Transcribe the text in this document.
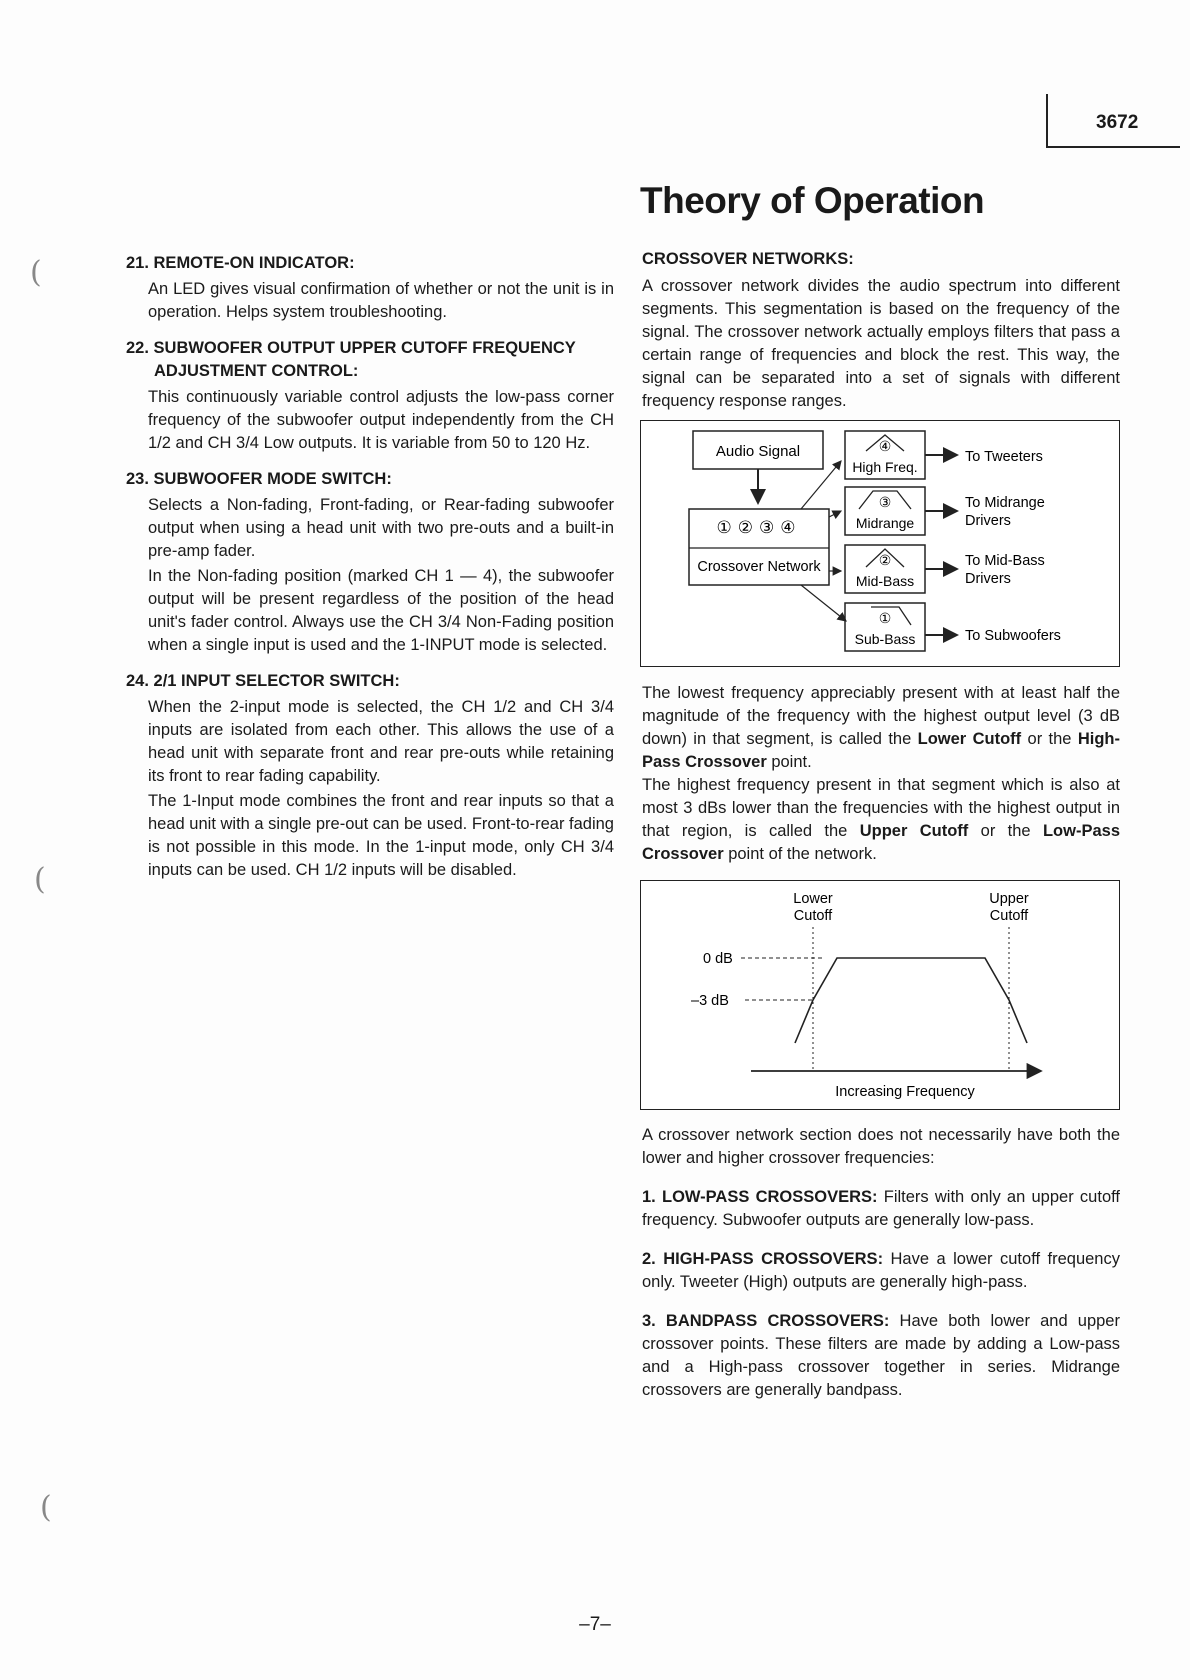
(
(
(
3672
Theory of Operation

21. REMOTE-ON INDICATOR:

An LED gives visual confirmation of whether or not the unit is in operation. Helps system troubleshooting.

22. SUBWOOFER OUTPUT UPPER CUTOFF FREQUENCY ADJUSTMENT CONTROL:

This continuously variable control adjusts the low-pass corner frequency of the subwoofer output independently from the CH 1/2 and CH 3/4 Low outputs. It is variable from 50 to 120 Hz.

23. SUBWOOFER MODE SWITCH:

Selects a Non-fading, Front-fading, or Rear-fading subwoofer output when using a head unit with two pre-outs and a built-in pre-amp fader.

In the Non-fading position (marked CH 1 — 4), the subwoofer output will be present regardless of the position of the head unit's fader control. Always use the CH 3/4 Non-Fading position when a single input is used and the 1-INPUT mode is selected.

24. 2/1 INPUT SELECTOR SWITCH:

When the 2-input mode is selected, the CH 1/2 and CH 3/4 inputs are isolated from each other. This allows the use of a head unit with separate front and rear pre-outs while retaining its front to rear fading capability.

The 1-Input mode combines the front and rear inputs so that a head unit with a single pre-out can be used. Front-to-rear fading is not possible in this mode. In the 1-input mode, only CH 3/4 inputs can be used. CH 1/2 inputs will be disabled.

CROSSOVER NETWORKS:

A crossover network divides the audio spectrum into different segments. This segmentation is based on the frequency of the signal. The crossover network actually employs filters that pass a certain range of frequencies and block the rest. This way, the signal can be separated into a set of signals with different frequency response ranges.

Audio Signal
①②③④
Crossover Network
④
High Freq.
To Tweeters
③
Midrange
To Midrange
Drivers
②
Mid-Bass
To Mid-Bass
Drivers
①
Sub-Bass	To Subwoofers

The lowest frequency appreciably present with at least half the magnitude of the frequency with the highest output level (3 dB down) in that segment, is called the Lower Cutoff or the High-Pass Crossover point.

The highest frequency present in that segment which is also at most 3 dBs lower than the frequencies with the highest output in that region, is called the Upper Cutoff or the Low-Pass Crossover point of the network.

Lower
Cutoff
Upper
Cutoff
0 dB
–3 dB
Increasing Frequency

A crossover network section does not necessarily have both the lower and higher crossover frequencies:

1. LOW-PASS CROSSOVERS: Filters with only an upper cutoff frequency. Subwoofer outputs are generally low-pass.

2. HIGH-PASS CROSSOVERS: Have a lower cutoff frequency only. Tweeter (High) outputs are generally high-pass.

3. BANDPASS CROSSOVERS: Have both lower and upper crossover points. These filters are made by adding a Low-pass and a High-pass crossover together in series. Midrange crossovers are generally bandpass.

–7–
